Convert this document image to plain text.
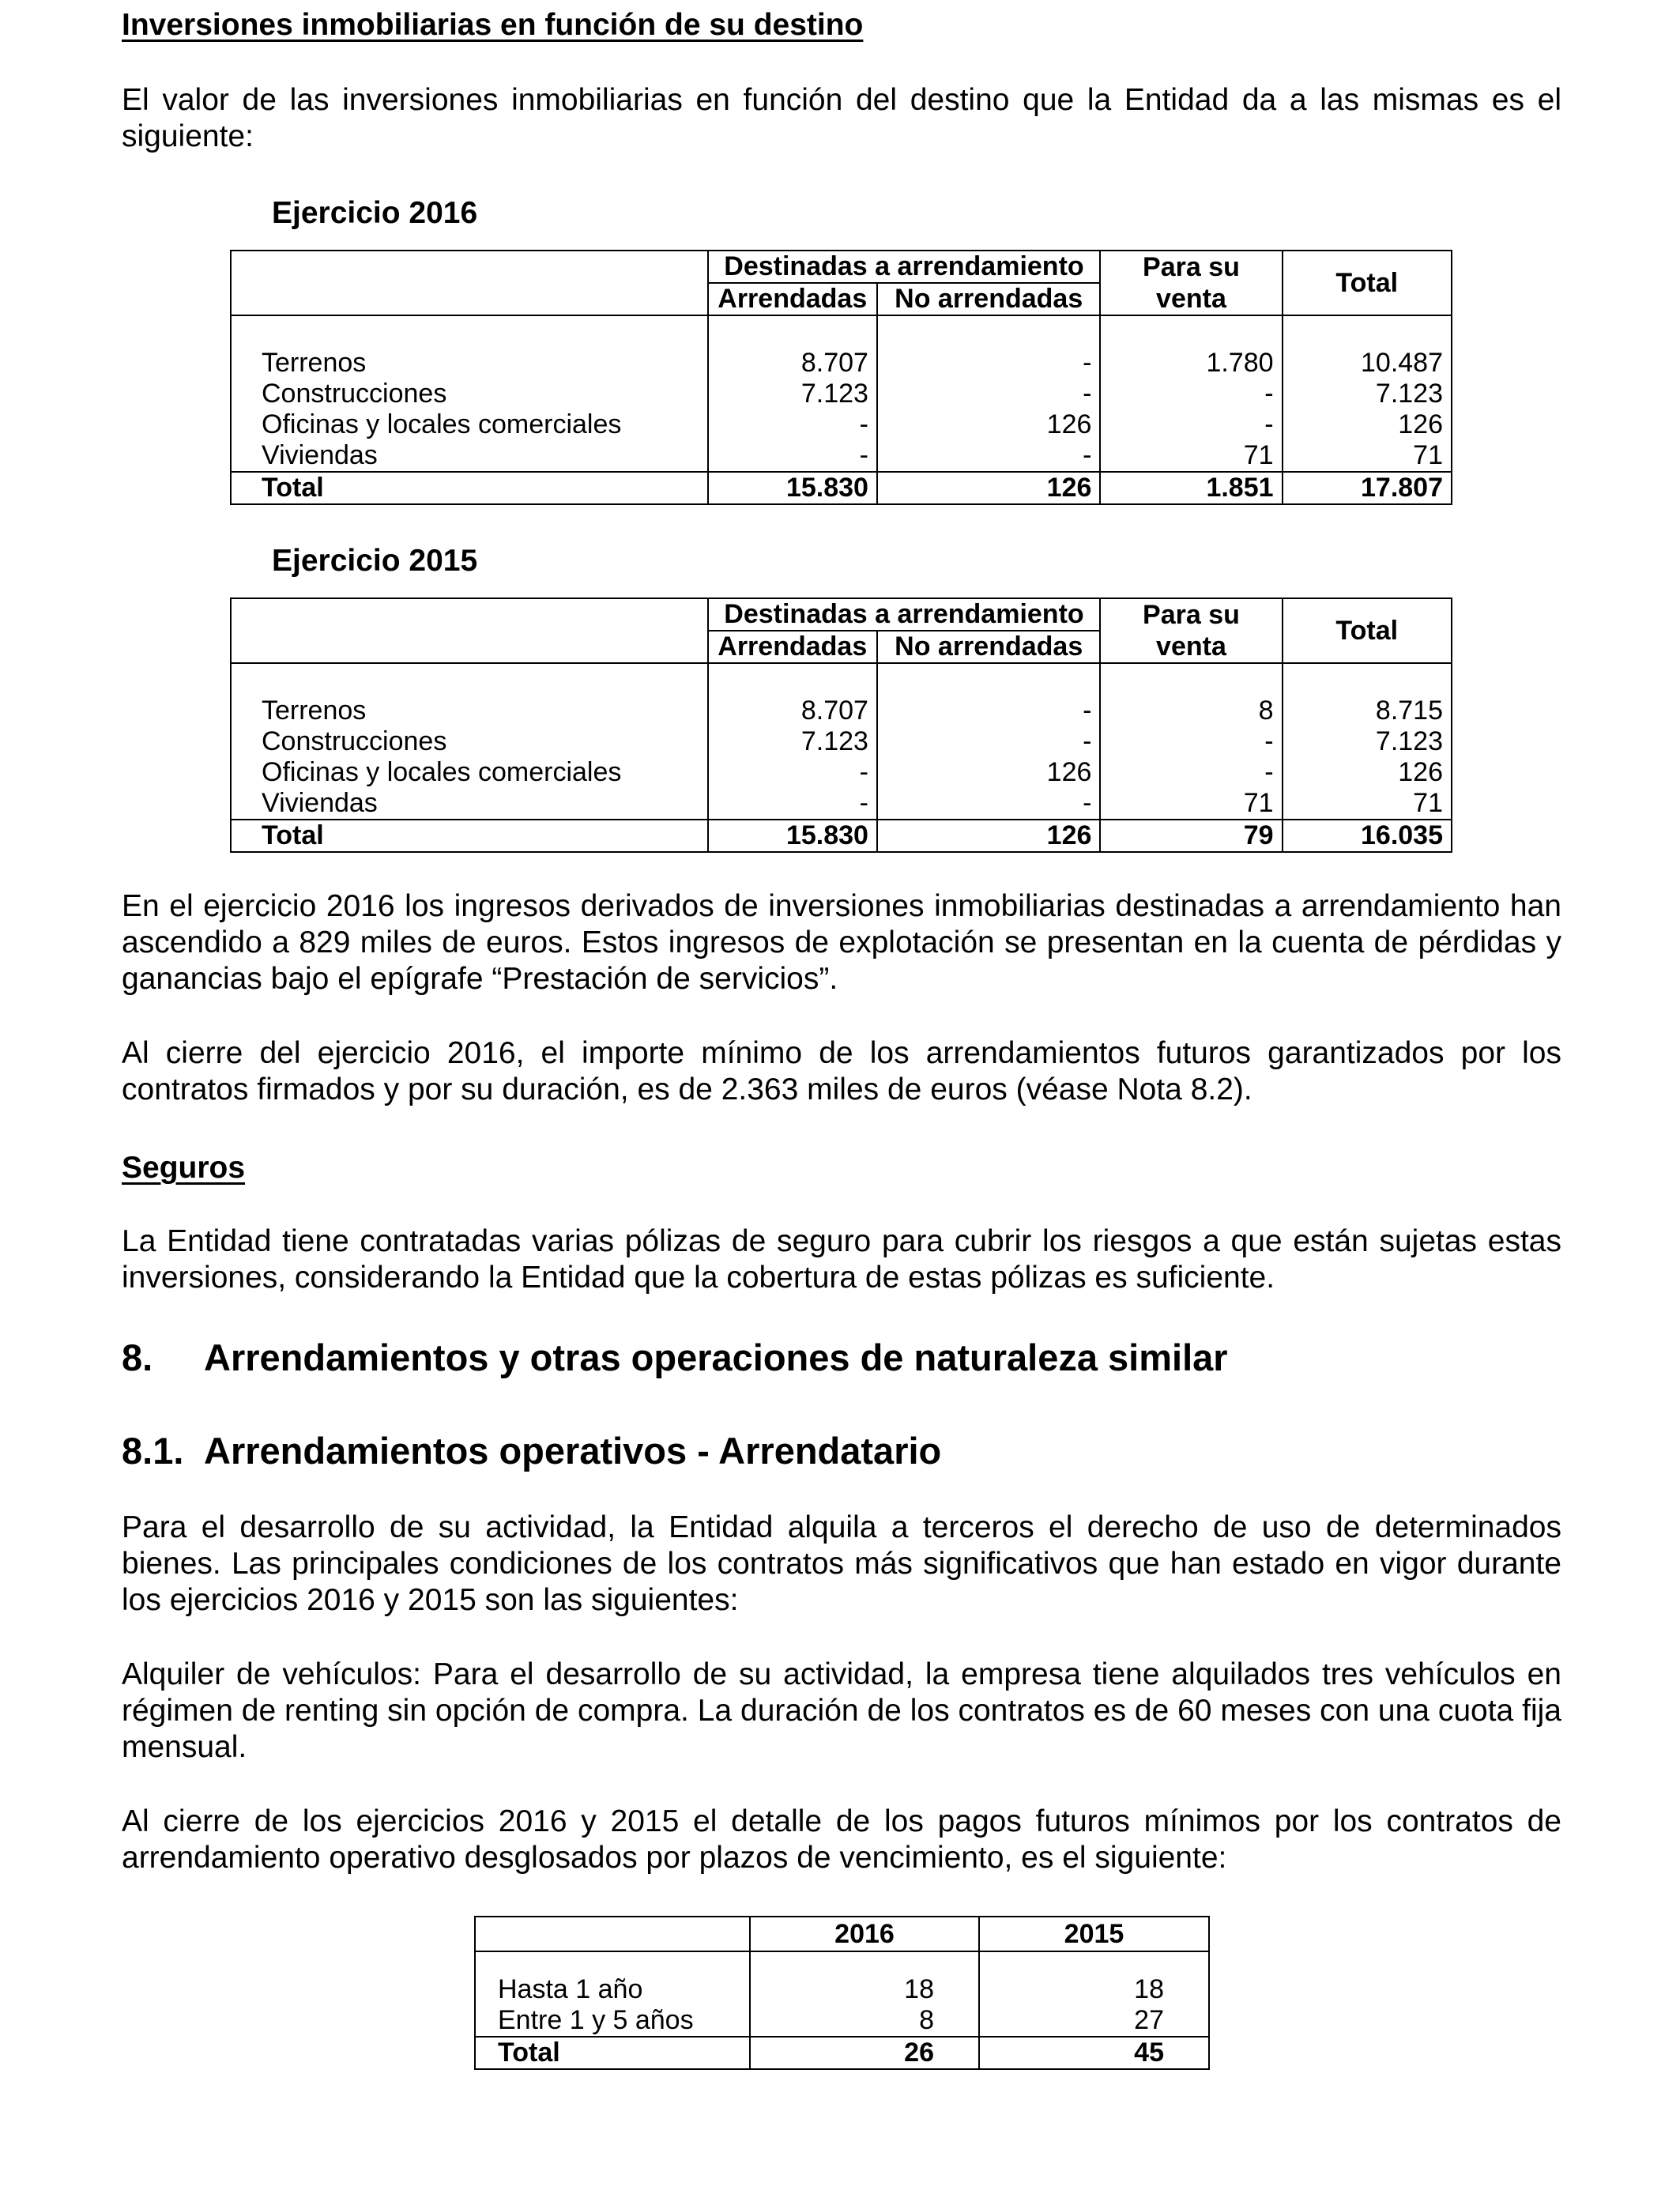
Inversiones inmobiliarias en función de su destino

El valor de las inversiones inmobiliarias en función del destino que la Entidad da a las mismas es el siguiente:

Ejercicio 2016

	Destinadas a arrendamiento		Para su	Total
	Arrendadas	No arrendadas	venta	

Terrenos	8.707	-	1.780	10.487
Construcciones	7.123	-	-	7.123
Oficinas y locales comerciales	-	126	-	126
Viviendas	-	-	71	71
Total	15.830	126	1.851	17.807

Ejercicio 2015

	Destinadas a arrendamiento		Para su	Total
	Arrendadas	No arrendadas	venta	

Terrenos	8.707	-	8	8.715
Construcciones	7.123	-	-	7.123
Oficinas y locales comerciales	-	126	-	126
Viviendas	-	-	71	71
Total	15.830	126	79	16.035

En el ejercicio 2016 los ingresos derivados de inversiones inmobiliarias destinadas a arrendamiento han ascendido a 829 miles de euros. Estos ingresos de explotación se presentan en la cuenta de pérdidas y ganancias bajo el epígrafe “Prestación de servicios”.

Al cierre del ejercicio 2016, el importe mínimo de los arrendamientos futuros garantizados por los contratos firmados y por su duración, es de 2.363 miles de euros (véase Nota 8.2).

Seguros

La Entidad tiene contratadas varias pólizas de seguro para cubrir los riesgos a que están sujetas estas inversiones, considerando la Entidad que la cobertura de estas pólizas es suficiente.

8. Arrendamientos y otras operaciones de naturaleza similar

8.1. Arrendamientos operativos - Arrendatario

Para el desarrollo de su actividad, la Entidad alquila a terceros el derecho de uso de determinados bienes. Las principales condiciones de los contratos más significativos que han estado en vigor durante los ejercicios 2016 y 2015 son las siguientes:

Alquiler de vehículos: Para el desarrollo de su actividad, la empresa tiene alquilados tres vehículos en régimen de renting sin opción de compra. La duración de los contratos es de 60 meses con una cuota fija mensual.

Al cierre de los ejercicios 2016 y 2015 el detalle de los pagos futuros mínimos por los contratos de arrendamiento operativo desglosados por plazos de vencimiento, es el siguiente:

	2016	2015

Hasta 1 año	18	18
Entre 1 y 5 años	8	27
Total	26	45
